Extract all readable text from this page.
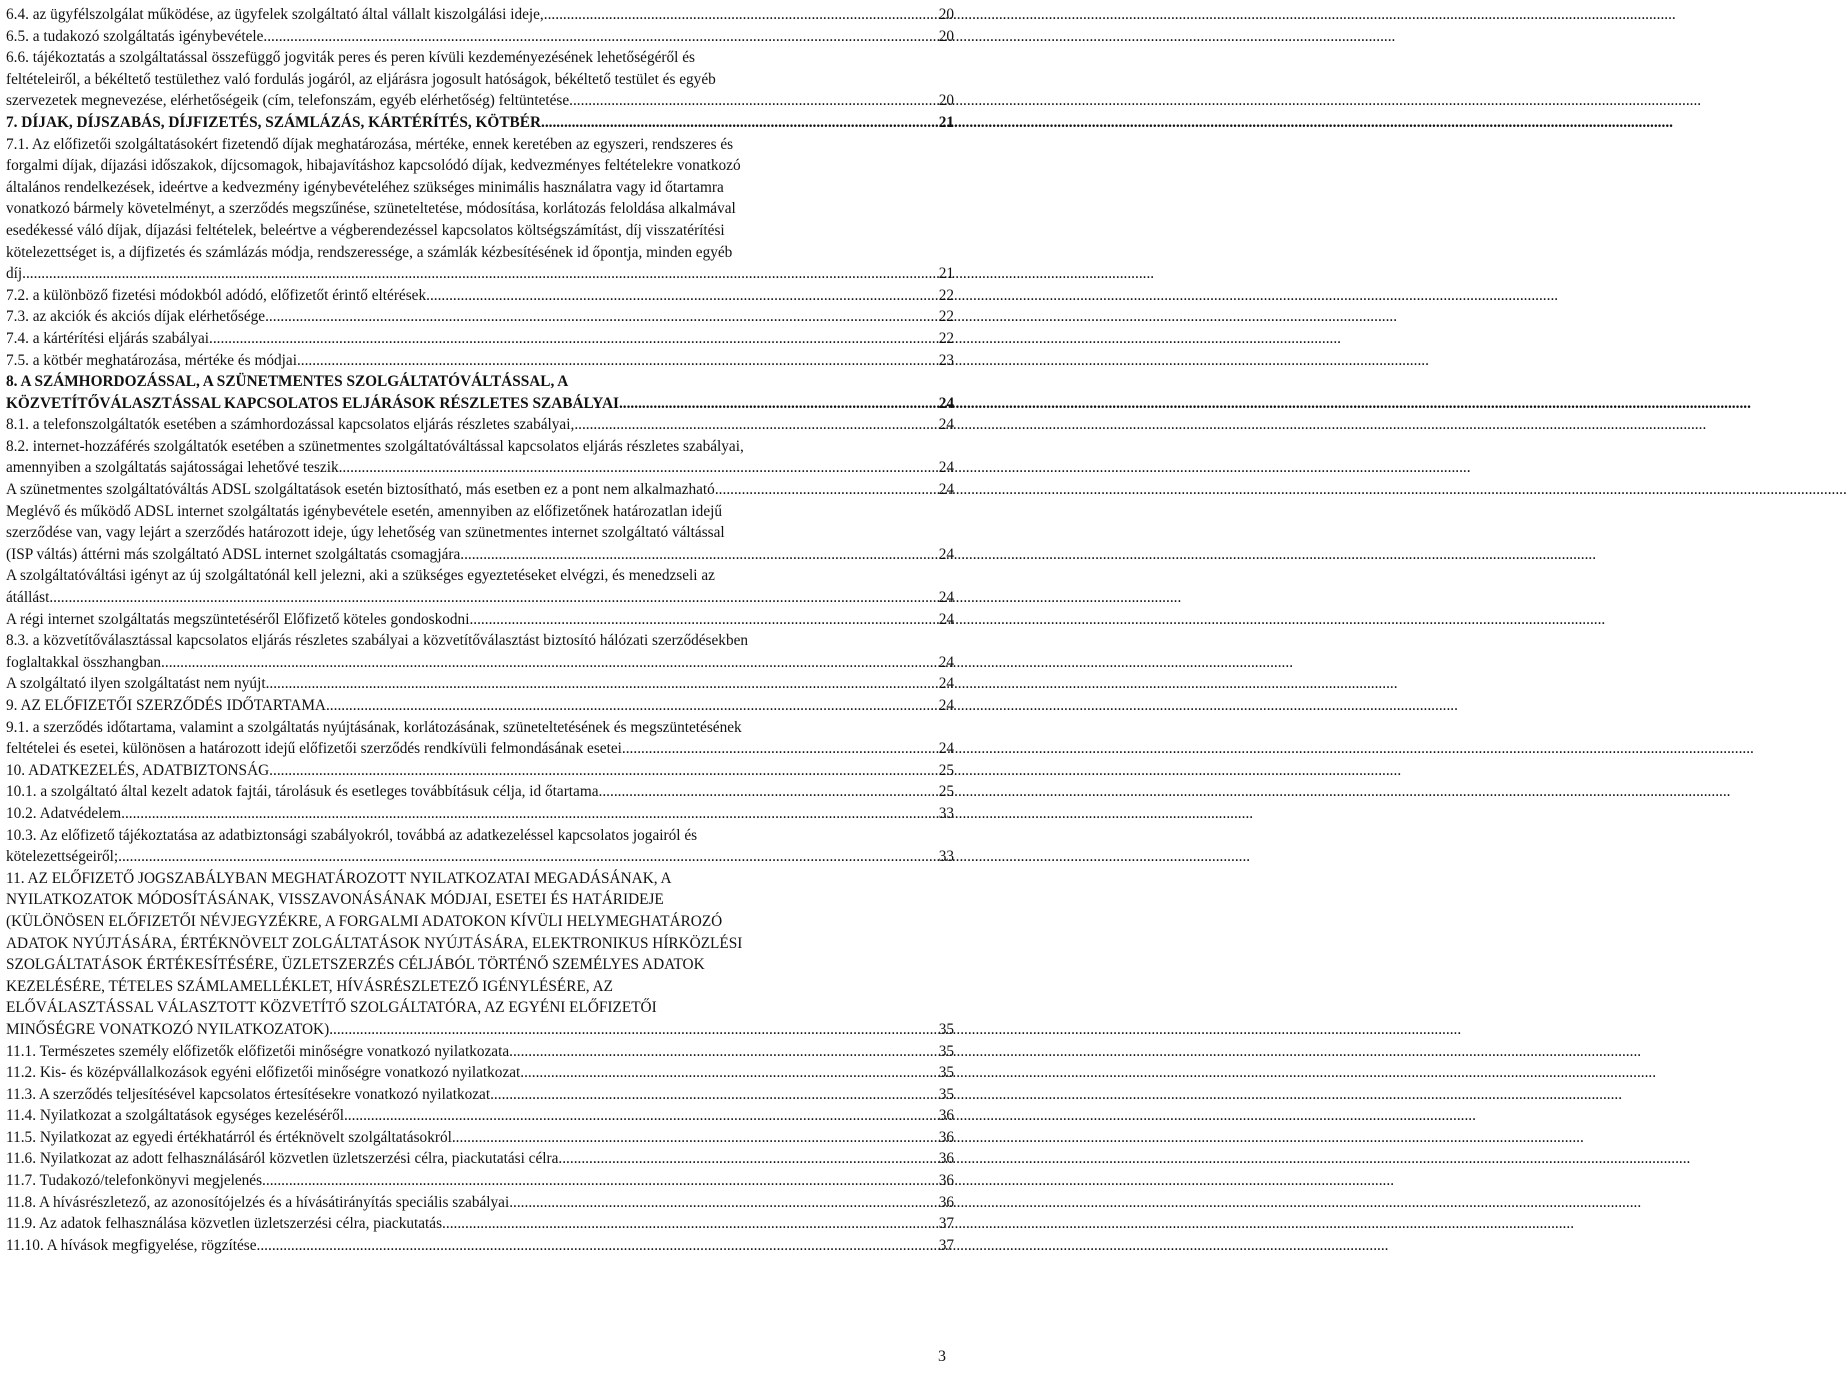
6.4. az ügyfélszolgálat működése, az ügyfelek szolgáltató által vállalt kiszolgálási ideje, .....	20
6.5. a tudakozó szolgáltatás igénybevétele .....	20
6.6. tájékoztatás a szolgáltatással összefüggő jogviták peres és peren kívüli kezdeményezésének lehetőségéről és
feltételeiről, a békéltető testülethez való fordulás jogáról, az eljárásra jogosult hatóságok, békéltető testület és egyéb
szervezetek megnevezése, elérhetőségeik (cím, telefonszám, egyéb elérhetőség) feltüntetése .....	20
7. DÍJAK, DÍJSZABÁS, DÍJFIZETÉS, SZÁMLÁZÁS, KÁRTÉRÍTÉS, KÖTBÉR .....	21
7.1. Az előfizetői szolgáltatásokért fizetendő díjak meghatározása, mértéke, ennek keretében az egyszeri, rendszeres és
forgalmi díjak, díjazási időszakok, díjcsomagok, hibajavításhoz kapcsolódó díjak, kedvezményes feltételekre vonatkozó
általános rendelkezések, ideértve a kedvezmény igénybevételéhez szükséges minimális használatra vagy id őtartamra
vonatkozó bármely követelményt, a szerződés megszűnése, szüneteltetése, módosítása, korlátozás feloldása alkalmával
esedékessé váló díjak, díjazási feltételek, beleértve a végberendezéssel kapcsolatos költségszámítást, díj visszatérítési
kötelezettséget is, a díjfizetés és számlázás módja, rendszeressége, a számlák kézbesítésének id őpontja, minden egyéb
díj .....	21
7.2. a különböző fizetési módokból adódó, előfizetőt érintő eltérések .....	22
7.3. az akciók és akciós díjak elérhetősége .....	22
7.4. a kártérítési eljárás szabályai .....	22
7.5. a kötbér meghatározása, mértéke és módjai .....	23
8. A SZÁMHORDOZÁSSAL, A SZÜNETMENTES SZOLGÁLTATÓVÁLTÁSSAL, A
KÖZVETÍTŐVÁLASZTÁSSAL KAPCSOLATOS ELJÁRÁSOK RÉSZLETES SZABÁLYAI .....	24
8.1. a telefonszolgáltatók esetében a számhordozással kapcsolatos eljárás részletes szabályai, .....	24
8.2. internet-hozzáférés szolgáltatók esetében a szünetmentes szolgáltatóváltással kapcsolatos eljárás részletes szabályai,
amennyiben a szolgáltatás sajátosságai lehetővé teszik .....	24
A szünetmentes szolgáltatóváltás ADSL szolgáltatások esetén biztosítható, más esetben ez a pont nem alkalmazható .....	24
Meglévő és működő ADSL internet szolgáltatás igénybevétele esetén, amennyiben az előfizetőnek határozatlan idejű
szerződése van, vagy lejárt a szerződés határozott ideje, úgy lehetőség van szünetmentes internet szolgáltató váltással
(ISP váltás) áttérni más szolgáltató ADSL internet szolgáltatás csomagjára. .....	24
A szolgáltatóváltási igényt az új szolgáltatónál kell jelezni, aki a szükséges egyeztetéseket elvégzi, és menedzseli az
átállást .....	24
A régi internet szolgáltatás megszüntetéséről Előfizető köteles gondoskodni. .....	24
8.3. a közvetítőválasztással kapcsolatos eljárás részletes szabályai a közvetítőválasztást biztosító hálózati szerződésekben
foglaltakkal összhangban .....	24
A szolgáltató ilyen szolgáltatást nem nyújt .....	24
9. AZ ELŐFIZETŐI SZERZŐDÉS IDŐTARTAMA .....	24
9.1. a szerződés időtartama, valamint a szolgáltatás nyújtásának, korlátozásának, szüneteltetésének és megszüntetésének
feltételei és esetei, különösen a határozott idejű előfizetői szerződés rendkívüli felmondásának esetei .....	24
10. ADATKEZELÉS, ADATBIZTONSÁG .....	25
10.1. a szolgáltató által kezelt adatok fajtái, tárolásuk és esetleges továbbításuk célja, id őtartama .....	25
10.2. Adatvédelem .....	33
10.3. Az előfizető tájékoztatása az adatbiztonsági szabályokról, továbbá az adatkezeléssel kapcsolatos jogairól és
kötelezettségeiről; .....	33
11. AZ ELŐFIZETŐ JOGSZABÁLYBAN MEGHATÁROZOTT NYILATKOZATAI MEGADÁSÁNAK, A
NYILATKOZATOK MÓDOSÍTÁSÁNAK, VISSZAVONÁSÁNAK MÓDJAI, ESETEI ÉS HATÁRIDEJE
(KÜLÖNÖSEN ELŐFIZETŐI NÉVJEGYZÉKRE, A FORGALMI ADATOKON KÍVÜLI HELYMEGHATÁROZÓ
ADATOK NYÚJTÁSÁRA, ÉRTÉKNÖVELT ZOLGÁLTATÁSOK NYÚJTÁSÁRA, ELEKTRONIKUS HÍRKÖZLÉSI
SZOLGÁLTATÁSOK ÉRTÉKESÍTÉSÉRE, ÜZLETSZERZÉS CÉLJÁBÓL TÖRTÉNŐ SZEMÉLYES ADATOK
KEZELÉSÉRE, TÉTELES SZÁMLAMELLÉKLET, HÍVÁSRÉSZLETEZŐ IGÉNYLÉSÉRE, AZ
ELŐVÁLASZTÁSSAL VÁLASZTOTT KÖZVETÍTŐ SZOLGÁLTATÓRA, AZ EGYÉNI ELŐFIZETŐI
MINŐSÉGRE VONATKOZÓ NYILATKOZATOK) .....	35
11.1. Természetes személy előfizetők előfizetői minőségre vonatkozó nyilatkozata .....	35
11.2. Kis- és középvállalkozások egyéni előfizetői minőségre vonatkozó nyilatkozat. .....	35
11.3. A szerződés teljesítésével kapcsolatos értesítésekre vonatkozó nyilatkozat .....	35
11.4. Nyilatkozat a szolgáltatások egységes kezeléséről .....	36
11.5. Nyilatkozat az egyedi értékhatárról és értéknövelt szolgáltatásokról .....	36
11.6. Nyilatkozat az adott felhasználásáról közvetlen üzletszerzési célra, piackutatási célra .....	36
11.7. Tudakozó/telefonkönyvi megjelenés .....	36
11.8. A hívásrészletező, az azonosítójelzés és a hívásátirányítás speciális szabályai .....	36
11.9. Az adatok felhasználása közvetlen üzletszerzési célra, piackutatás .....	37
11.10. A hívások megfigyelése, rögzítése .....	37
3
